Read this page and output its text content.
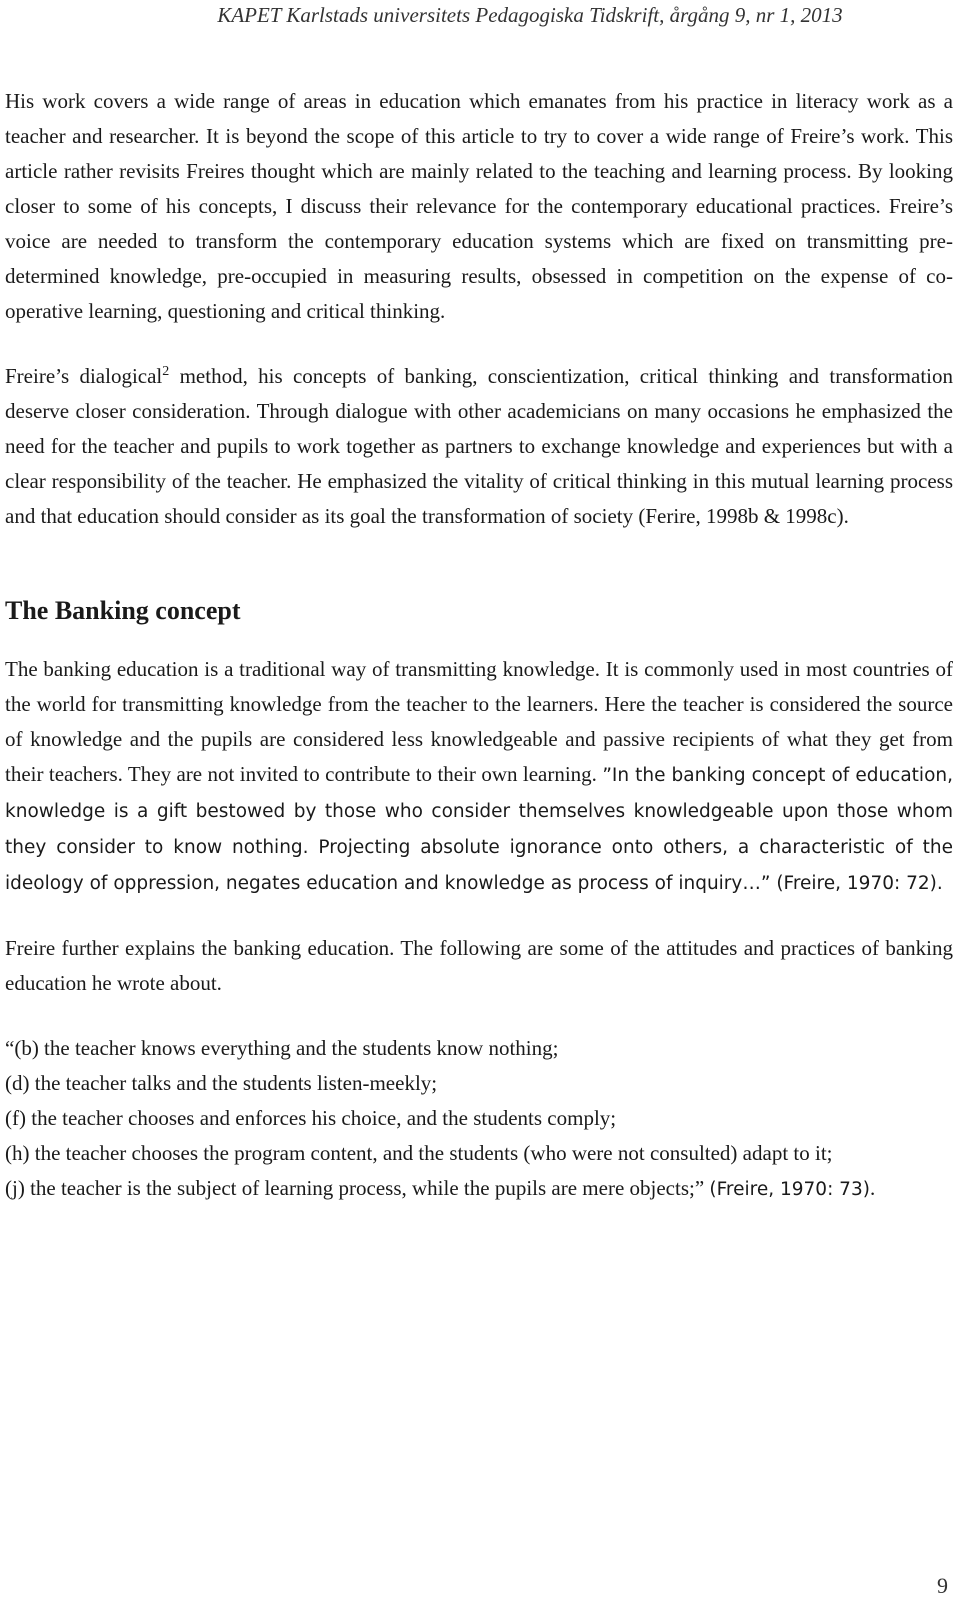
KAPET Karlstads universitets Pedagogiska Tidskrift, årgång 9, nr 1, 2013

His work covers a wide range of areas in education which emanates from his practice in literacy work as a teacher and researcher. It is beyond the scope of this article to try to cover a wide range of Freire’s work. This article rather revisits Freires thought which are mainly related to the teaching and learning process. By looking closer to some of his concepts, I discuss their relevance for the contemporary educational practices. Freire’s voice are needed to transform the contemporary education systems which are fixed on transmitting pre-determined knowledge, pre-occupied in measuring results, obsessed in competition on the expense of co-operative learning, questioning and critical thinking.

Freire’s dialogical$^2$ method, his concepts of banking, conscientization, critical thinking and transformation deserve closer consideration. Through dialogue with other academicians on many occasions he emphasized the need for the teacher and pupils to work together as partners to exchange knowledge and experiences but with a clear responsibility of the teacher. He emphasized the vitality of critical thinking in this mutual learning process and that education should consider as its goal the transformation of society (Ferire, 1998b & 1998c).

The Banking concept

The banking education is a traditional way of transmitting knowledge. It is commonly used in most countries of the world for transmitting knowledge from the teacher to the learners. Here the teacher is considered the source of knowledge and the pupils are considered less knowledgeable and passive recipients of what they get from their teachers. They are not invited to contribute to their own learning. ”In the banking concept of education, knowledge is a gift bestowed by those who consider themselves knowledgeable upon those whom they consider to know nothing. Projecting absolute ignorance onto others, a characteristic of the ideology of oppression, negates education and knowledge as process of inquiry…” (Freire, 1970: 72).

Freire further explains the banking education. The following are some of the attitudes and practices of banking education he wrote about.

“(b) the teacher knows everything and the students know nothing;
(d) the teacher talks and the students listen-meekly;
(f) the teacher chooses and enforces his choice, and the students comply;
(h) the teacher chooses the program content, and the students (who were not consulted) adapt to it;
(j) the teacher is the subject of learning process, while the pupils are mere objects;” (Freire, 1970: 73).
9
